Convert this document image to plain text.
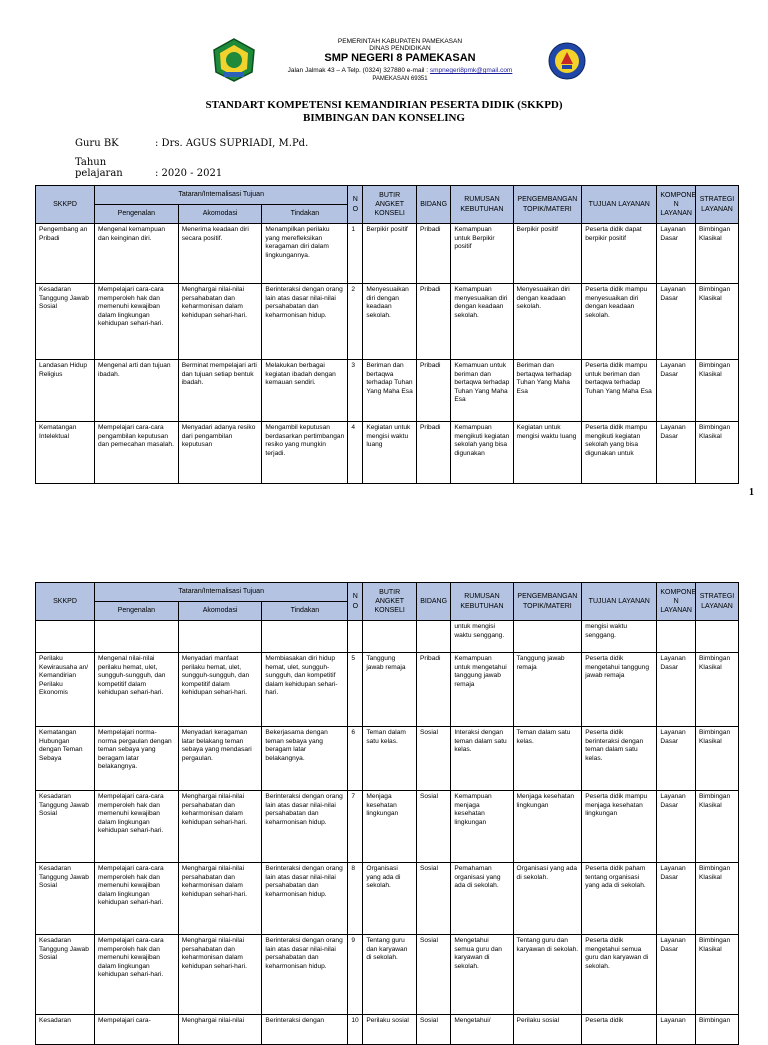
PEMERINTAH KABUPATEN PAMEKASAN
DINAS PENDIDIKAN
SMP NEGERI 8 PAMEKASAN
Jalan Jalmak 43 – A Telp. (0324) 327880 e-mail : smpnegeri8pmk@gmail.com
PAMEKASAN 69351
STANDART KOMPETENSI KEMANDIRIAN PESERTA DIDIK (SKKPD)
BIMBINGAN DAN KONSELING
Guru BK	: Drs. AGUS SUPRIADI, M.Pd.
Tahun pelajaran	: 2020 - 2021
SKKPD	Tataran/Internalisasi Tujuan			N O	BUTIR ANGKET KONSELI	BIDANG	RUMUSAN KEBUTUHAN	PENGEMBANGAN TOPIK/MATERI	TUJUAN LAYANAN	KOMPONE N LAYANAN	STRATEGI LAYANAN
	Pengenalan	Akomodasi	Tindakan								
Pengembang an Pribadi	Mengenal kemampuan dan keinginan diri.	Menerima keadaan diri secara positif.	Menampilkan perilaku yang merefleksikan keragaman diri dalam lingkungannya.	1	Berpikir positif	Pribadi	Kemampuan untuk Berpikir positif	Berpikir positif	Peserta didik dapat berpikir positif	Layanan Dasar	Bimbingan Klasikal
Kesadaran Tanggung Jawab Sosial	Mempelajari cara-cara memperoleh hak dan memenuhi kewajiban dalam lingkungan kehidupan sehari-hari.	Menghargai nilai-nilai persahabatan dan keharmonisan dalam kehidupan sehari-hari.	Berinteraksi dengan orang lain atas dasar nilai-nilai persahabatan dan keharmonisan hidup.	2	Menyesuaikan diri dengan keadaan sekolah.	Pribadi	Kemampuan menyesuaikan diri dengan keadaan sekolah.	Menyesuaikan diri dengan keadaan sekolah.	Peserta didik mampu menyesuaikan diri dengan keadaan sekolah.	Layanan Dasar	Bimbingan Klasikal
Landasan Hidup Religius	Mengenal arti dan tujuan ibadah.	Berminat mempelajari arti dan tujuan setiap bentuk ibadah.	Melakukan berbagai kegiatan ibadah dengan kemauan sendiri.	3	Beriman dan bertaqwa terhadap Tuhan Yang Maha Esa	Pribadi	Kemamuan untuk beriman dan bertaqwa terhadap Tuhan Yang Maha Esa	Beriman dan bertaqwa terhadap Tuhan Yang Maha Esa	Peserta didik mampu untuk beriman dan bertaqwa terhadap Tuhan Yang Maha Esa	Layanan Dasar	Bimbingan Klasikal
Kematangan Intelektual	Mempelajari cara-cara pengambilan keputusan dan pemecahan masalah.	Menyadari adanya resiko dari pengambilan keputusan	Mengambil keputusan berdasarkan pertimbangan resiko yang mungkin terjadi.	4	Kegiatan untuk mengisi waktu luang	Pribadi	Kemampuan mengikuti kegiatan sekolah yang bisa digunakan	Kegiatan untuk mengisi waktu luang	Peserta didik mampu mengikuti kegiatan sekolah yang bisa digunakan untuk	Layanan Dasar	Bimbingan Klasikal
1
SKKPD	Tataran/Internalisasi Tujuan			N O	BUTIR ANGKET KONSELI	BIDANG	RUMUSAN KEBUTUHAN	PENGEMBANGAN TOPIK/MATERI	TUJUAN LAYANAN	KOMPONE N LAYANAN	STRATEGI LAYANAN
	Pengenalan	Akomodasi	Tindakan								
							untuk mengisi waktu senggang.		mengisi waktu senggang.		
Perilaku Kewirausaha an/ Kemandirian Perilaku Ekonomis	Mengenal nilai-nilai perilaku hemat, ulet, sungguh-sungguh, dan kompetitif dalam kehidupan sehari-hari.	Menyadari manfaat perilaku hemat, ulet, sungguh-sungguh, dan kompetitif dalam kehidupan sehari-hari.	Membiasakan diri hidup hemat, ulet, sungguh-sungguh, dan kompetitif dalam kehidupan sehari-hari.	5	Tanggung jawab remaja	Pribadi	Kemampuan untuk mengetahui tanggung jawab remaja	Tanggung jawab remaja	Peserta didik mengetahui tanggung jawab remaja	Layanan Dasar	Bimbingan Klasikal
Kematangan Hubungan dengan Teman Sebaya	Mempelajari norma-norma pergaulan dengan teman sebaya yang beragam latar belakangnya.	Menyadari keragaman latar belakang teman sebaya yang mendasari pergaulan.	Bekerjasama dengan teman sebaya yang beragam latar belakangnya.	6	Teman dalam satu kelas.	Sosial	Interaksi dengan teman dalam satu kelas.	Teman dalam satu kelas.	Peserta didik berinteraksi dengan teman dalam satu kelas.	Layanan Dasar	Bimbingan Klasikal
Kesadaran Tanggung Jawab Sosial	Mempelajari cara-cara memperoleh hak dan memenuhi kewajiban dalam lingkungan kehidupan sehari-hari.	Menghargai nilai-nilai persahabatan dan keharmonisan dalam kehidupan sehari-hari.	Berinteraksi dengan orang lain atas dasar nilai-nilai persahabatan dan keharmonisan hidup.	7	Menjaga kesehatan lingkungan	Sosial	Kemampuan menjaga kesehatan lingkungan	Menjaga kesehatan lingkungan	Peserta didik mampu menjaga kesehatan lingkungan	Layanan Dasar	Bimbingan Klasikal
Kesadaran Tanggung Jawab Sosial	Mempelajari cara-cara memperoleh hak dan memenuhi kewajiban dalam lingkungan kehidupan sehari-hari.	Menghargai nilai-nilai persahabatan dan keharmonisan dalam kehidupan sehari-hari.	Berinteraksi dengan orang lain atas dasar nilai-nilai persahabatan dan keharmonisan hidup.	8	Organisasi yang ada di sekolah.	Sosial	Pemahaman organisasi yang ada di sekolah.	Organisasi yang ada di sekolah.	Peserta didik paham tentang organisasi yang ada di sekolah.	Layanan Dasar	Bimbingan Klasikal
Kesadaran Tanggung Jawab Sosial	Mempelajari cara-cara memperoleh hak dan memenuhi kewajiban dalam lingkungan kehidupan sehari-hari.	Menghargai nilai-nilai persahabatan dan keharmonisan dalam kehidupan sehari-hari.	Berinteraksi dengan orang lain atas dasar nilai-nilai persahabatan dan keharmonisan hidup.	9	Tentang guru dan karyawan di sekolah.	Sosial	Mengetahui semua guru dan karyawan di sekolah.	Tentang guru dan karyawan di sekolah.	Peserta didik mengetahui semua guru dan karyawan di sekolah.	Layanan Dasar	Bimbingan Klasikal
Kesadaran	Mempelajari cara-	Menghargai nilai-nilai	Berinteraksi dengan	10	Perilaku sosial	Sosial	Mengetahui/	Perilaku sosial	Peserta didik	Layanan	Bimbingan
